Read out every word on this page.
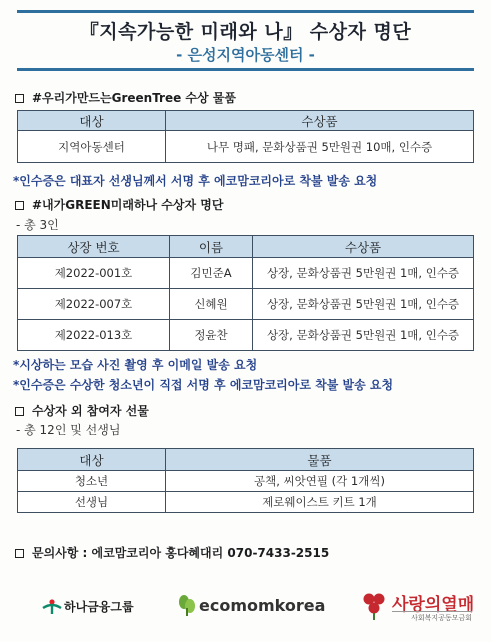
『지속가능한 미래와 나』 수상자 명단
- 은성지역아동센터 -
#우리가만드는GreenTree 수상 물품
대상	수상품
지역아동센터	나무 명패, 문화상품권 5만원권 10매, 인수증
*인수증은 대표자 선생님께서 서명 후 에코맘코리아로 착불 발송 요청
#내가GREEN미래하나 수상자 명단
- 총 3인
상장 번호	이름	수상품
제2022-001호	김민준A	상장, 문화상품권 5만원권 1매, 인수증
제2022-007호	신혜원	상장, 문화상품권 5만원권 1매, 인수증
제2022-013호	정윤찬	상장, 문화상품권 5만원권 1매, 인수증
*시상하는 모습 사진 촬영 후 이메일 발송 요청
*인수증은 수상한 청소년이 직접 서명 후 에코맘코리아로 착불 발송 요청
수상자 외 참여자 선물
- 총 12인 및 선생님
대상	물품
청소년	공책, 씨앗연필 (각 1개씩)
선생님	제로웨이스트 키트 1개
문의사항 : 에코맘코리아 홍다혜대리 070-7433-2515
하나금융그룹	ecomomkorea	사랑의열매
사회복지공동모금회
